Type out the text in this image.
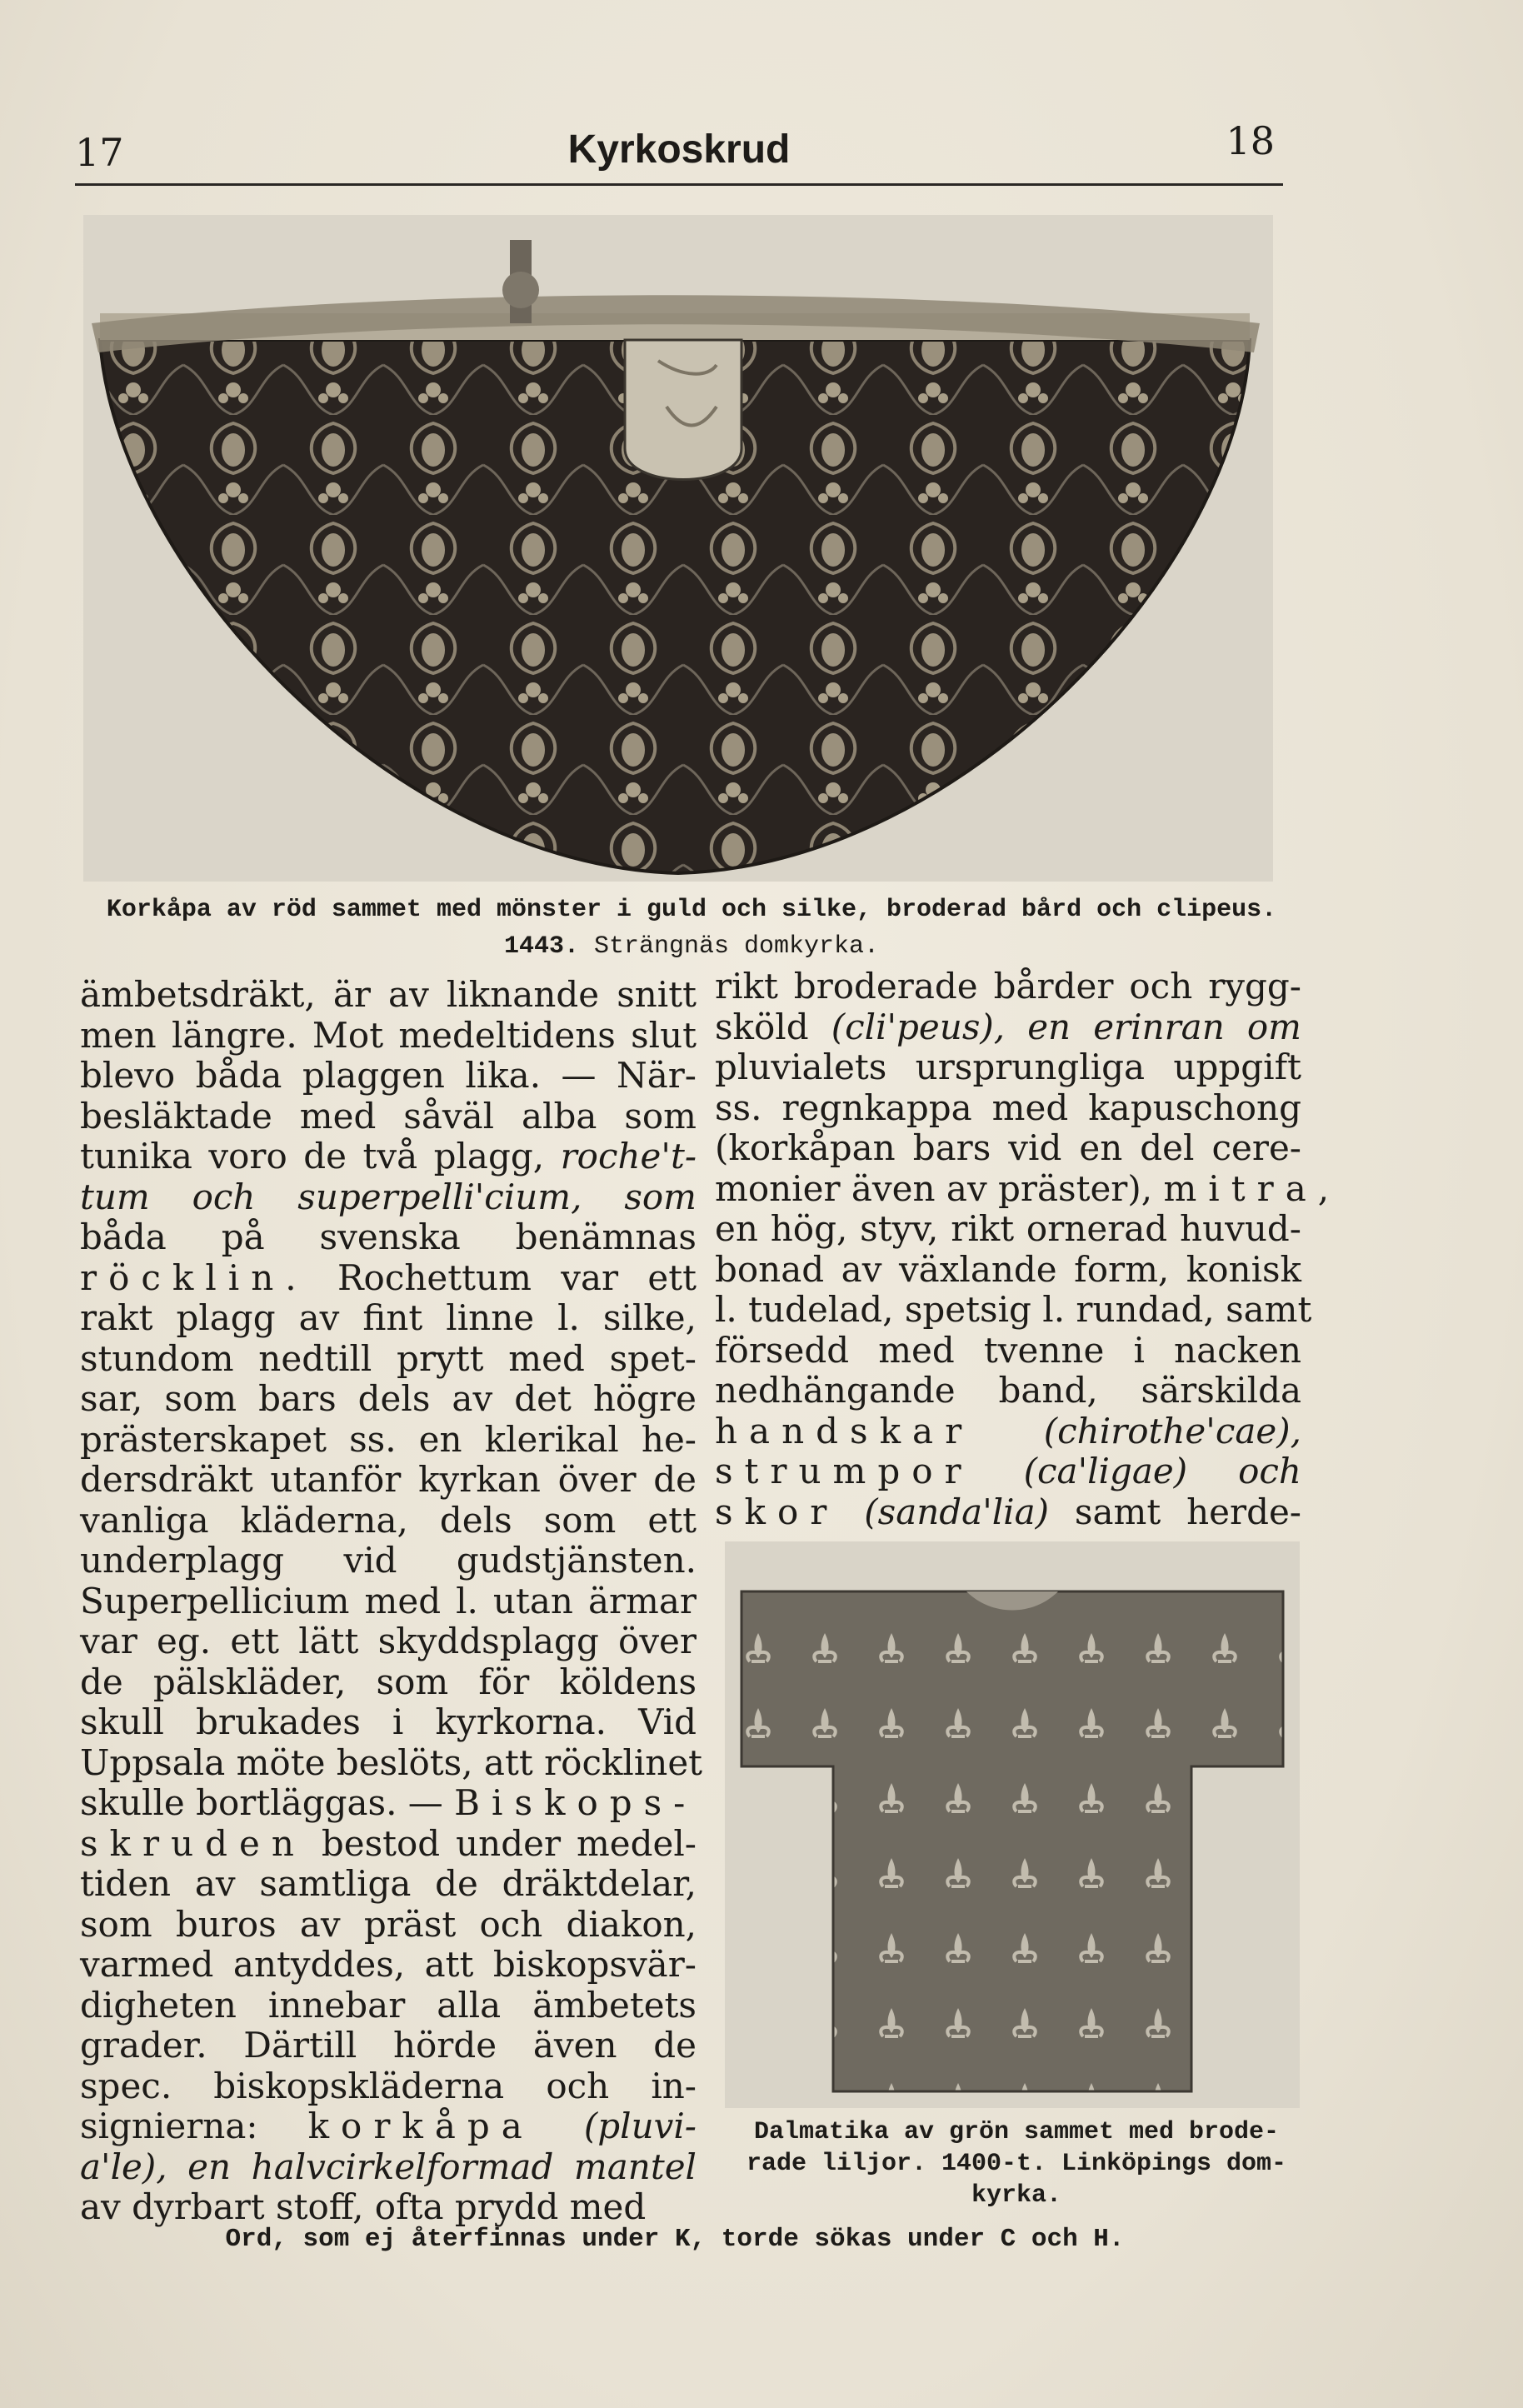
17	Kyrkoskrud	18
Korkåpa av röd sammet med mönster i guld och silke, broderad bård och clipeus.
1443. Strängnäs domkyrka.
ämbetsdräkt, är av liknande snitt
men längre. Mot medeltidens slut
blevo båda plaggen lika. — När-
besläktade med såväl alba som
tunika voro de två plagg, roche't-
tum och superpelli'cium, som
båda på svenska benämnas
röcklin. Rochettum var ett
rakt plagg av fint linne l. silke,
stundom nedtill prytt med spet-
sar, som bars dels av det högre
prästerskapet ss. en klerikal he-
dersdräkt utanför kyrkan över de
vanliga kläderna, dels som ett
underplagg vid gudstjänsten.
Superpellicium med l. utan ärmar
var eg. ett lätt skyddsplagg över
de pälskläder, som för köldens
skull brukades i kyrkorna. Vid
Uppsala möte beslöts, att röcklinet
skulle bortläggas. — Biskops-
skruden bestod under medel-
tiden av samtliga de dräktdelar,
som buros av präst och diakon,
varmed antyddes, att biskopsvär-
digheten innebar alla ämbetets
grader. Därtill hörde även de
spec. biskopskläderna och in-
signierna: korkåpa (pluvi-
a'le), en halvcirkelformad mantel
av dyrbart stoff, ofta prydd med
rikt broderade bårder och rygg-
sköld (cli'peus), en erinran om
pluvialets ursprungliga uppgift
ss. regnkappa med kapuschong
(korkåpan bars vid en del cere-
monier även av präster), mitra,
en hög, styv, rikt ornerad huvud-
bonad av växlande form, konisk
l. tudelad, spetsig l. rundad, samt
försedd med tvenne i nacken
nedhängande band, särskilda
handskar (chirothe'cae),
strumpor (ca'ligae) och
skor (sanda'lia) samt herde-
Dalmatika av grön sammet med brode-
rade liljor. 1400-t. Linköpings dom-
kyrka.
Ord, som ej återfinnas under K, torde sökas under C och H.
